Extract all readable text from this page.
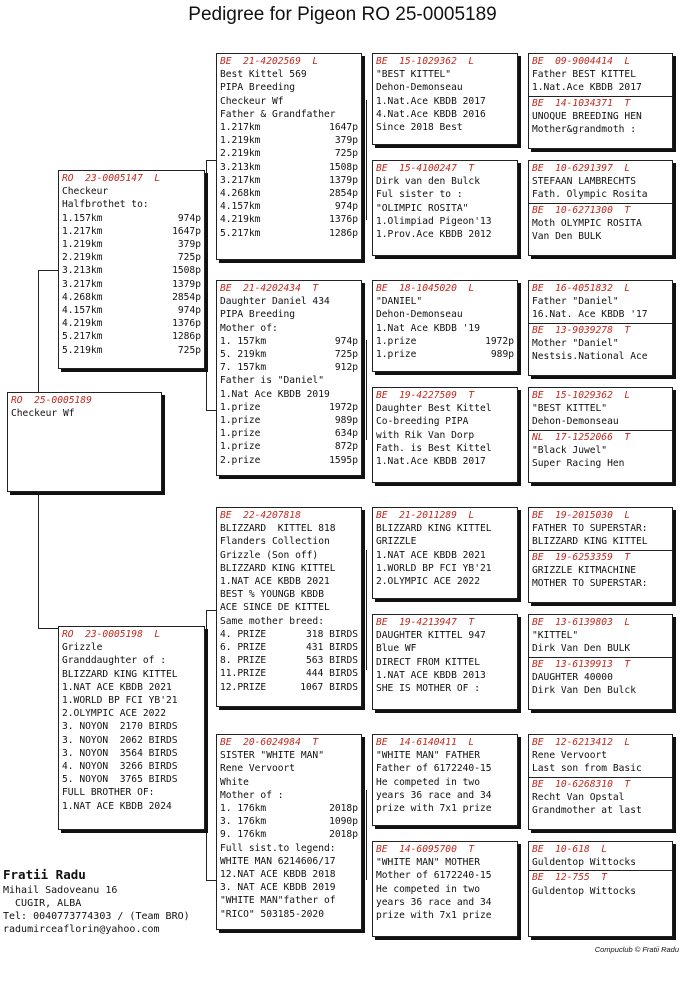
Pedigree for Pigeon RO 25-0005189
RO  25-0005189
Checkeur Wf
RO  23-0005147  L
Checkeur
Halfbrothet to:
1.157km	974p
1.217km	1647p
1.219km	379p
2.219km	725p
3.213km	1508p
3.217km	1379p
4.268km	2854p
4.157km	974p
4.219km	1376p
5.217km	1286p
5.219km	725p
RO  23-0005198  L
Grizzle
Granddaughter of :
BLIZZARD KING KITTEL
1.NAT ACE KBDB 2021
1.WORLD BP FCI YB'21
2.OLYMPIC ACE 2022
3. NOYON  2170 BIRDS
3. NOYON  2062 BIRDS
3. NOYON  3564 BIRDS
4. NOYON  3266 BIRDS
5. NOYON  3765 BIRDS
FULL BROTHER OF:
1.NAT ACE KBDB 2024
BE  21-4202569  L
Best Kittel 569
PIPA Breeding
Checkeur Wf
Father & Grandfather
1.217km	1647p
1.219km	379p
2.219km	725p
3.213km	1508p
3.217km	1379p
4.268km	2854p
4.157km	974p
4.219km	1376p
5.217km	1286p
BE  21-4202434  T
Daughter Daniel 434
PIPA Breeding
Mother of:
1. 157km	974p
5. 219km	725p
7. 157km	912p
Father is "Daniel"
1.Nat Ace KBDB 2019
1.prize	1972p
1.prize	989p
1.prize	634p
1.prize	872p
2.prize	1595p
BE  22-4207818
BLIZZARD  KITTEL 818
Flanders Collection
Grizzle (Son off)
BLIZZARD KING KITTEL
1.NAT ACE KBDB 2021
BEST % YOUNGB KBDB
ACE SINCE DE KITTEL
Same mother breed:
4. PRIZE	318 BIRDS
6. PRIZE	431 BIRDS
8. PRIZE	563 BIRDS
11.PRIZE	444 BIRDS
12.PRIZE	1067 BIRDS
BE  20-6024984  T
SISTER "WHITE MAN"
Rene Vervoort
White
Mother of :
1. 176km	2018p
3. 176km	1090p
9. 176km	2018p
Full sist.to legend:
WHITE MAN 6214606/17
12.NAT ACE KBDB 2018
3. NAT ACE KBDB 2019
"WHITE MAN"father of
"RICO" 503185-2020
BE  15-1029362  L
"BEST KITTEL"
Dehon-Demonseau
1.Nat.Ace KBDB 2017
4.Nat.Ace KBDB 2016
Since 2018 Best
BE  15-4100247  T
Dirk van den Bulck
Ful sister to :
"OLIMPIC ROSITA"
1.Olimpiad Pigeon'13
1.Prov.Ace KBDB 2012
BE  18-1045020  L
"DANIEL"
Dehon-Demonseau
1.Nat Ace KBDB '19
1.prize	1972p
1.prize	989p
BE  19-4227509  T
Daughter Best Kittel
Co-breeding PIPA
with Rik Van Dorp
Fath. is Best Kittel
1.Nat.Ace KBDB 2017
BE  21-2011289  L
BLIZZARD KING KITTEL
GRIZZLE
1.NAT ACE KBDB 2021
1.WORLD BP FCI YB'21
2.OLYMPIC ACE 2022
BE  19-4213947  T
DAUGHTER KITTEL 947
Blue WF
DIRECT FROM KITTEL
1.NAT ACE KBDB 2013
SHE IS MOTHER OF :
BE  14-6140411  L
"WHITE MAN" FATHER
Father of 6172240-15
He competed in two
years 36 race and 34
prize with 7x1 prize
BE  14-6095700  T
"WHITE MAN" MOTHER
Mother of 6172240-15
He competed in two
years 36 race and 34
prize with 7x1 prize
BE  09-9004414  L
Father BEST KITTEL
1.Nat.Ace KBDB 2017
BE  14-1034371  T
UNOQUE BREEDING HEN
Mother&grandmoth :
BE  10-6291397  L
STEFAAN LAMBRECHTS
Fath. Olympic Rosita
BE  10-6271300  T
Moth OLYMPIC ROSITA
Van Den BULK
BE  16-4051832  L
Father "Daniel"
16.Nat. Ace KBDB '17
BE  13-9039278  T
Mother "Daniel"
Nestsis.National Ace
BE  15-1029362  L
"BEST KITTEL"
Dehon-Demonseau
NL  17-1252066  T
"Black Juwel"
Super Racing Hen
BE  19-2015030  L
FATHER TO SUPERSTAR:
BLIZZARD KING KITTEL
BE  19-6253359  T
GRIZZLE KITMACHINE
MOTHER TO SUPERSTAR:
BE  13-6139803  L
"KITTEL"
Dirk Van Den BULK
BE  13-6139913  T
DAUGHTER 40000
Dirk Van Den Bulck
BE  12-6213412  L
Rene Vervoort
Last son from Basic
BE  10-6268310  T
Recht Van Opstal
Grandmother at last
BE  10-618  L
Guldentop Wittocks
BE  12-755  T
Guldentop Wittocks
Fratii Radu
Mihail Sadoveanu 16
CUGIR, ALBA
Tel: 0040773774303 / (Team BRO)
radumirceaflorin@yahoo.com
Compuclub © Fratii Radu
